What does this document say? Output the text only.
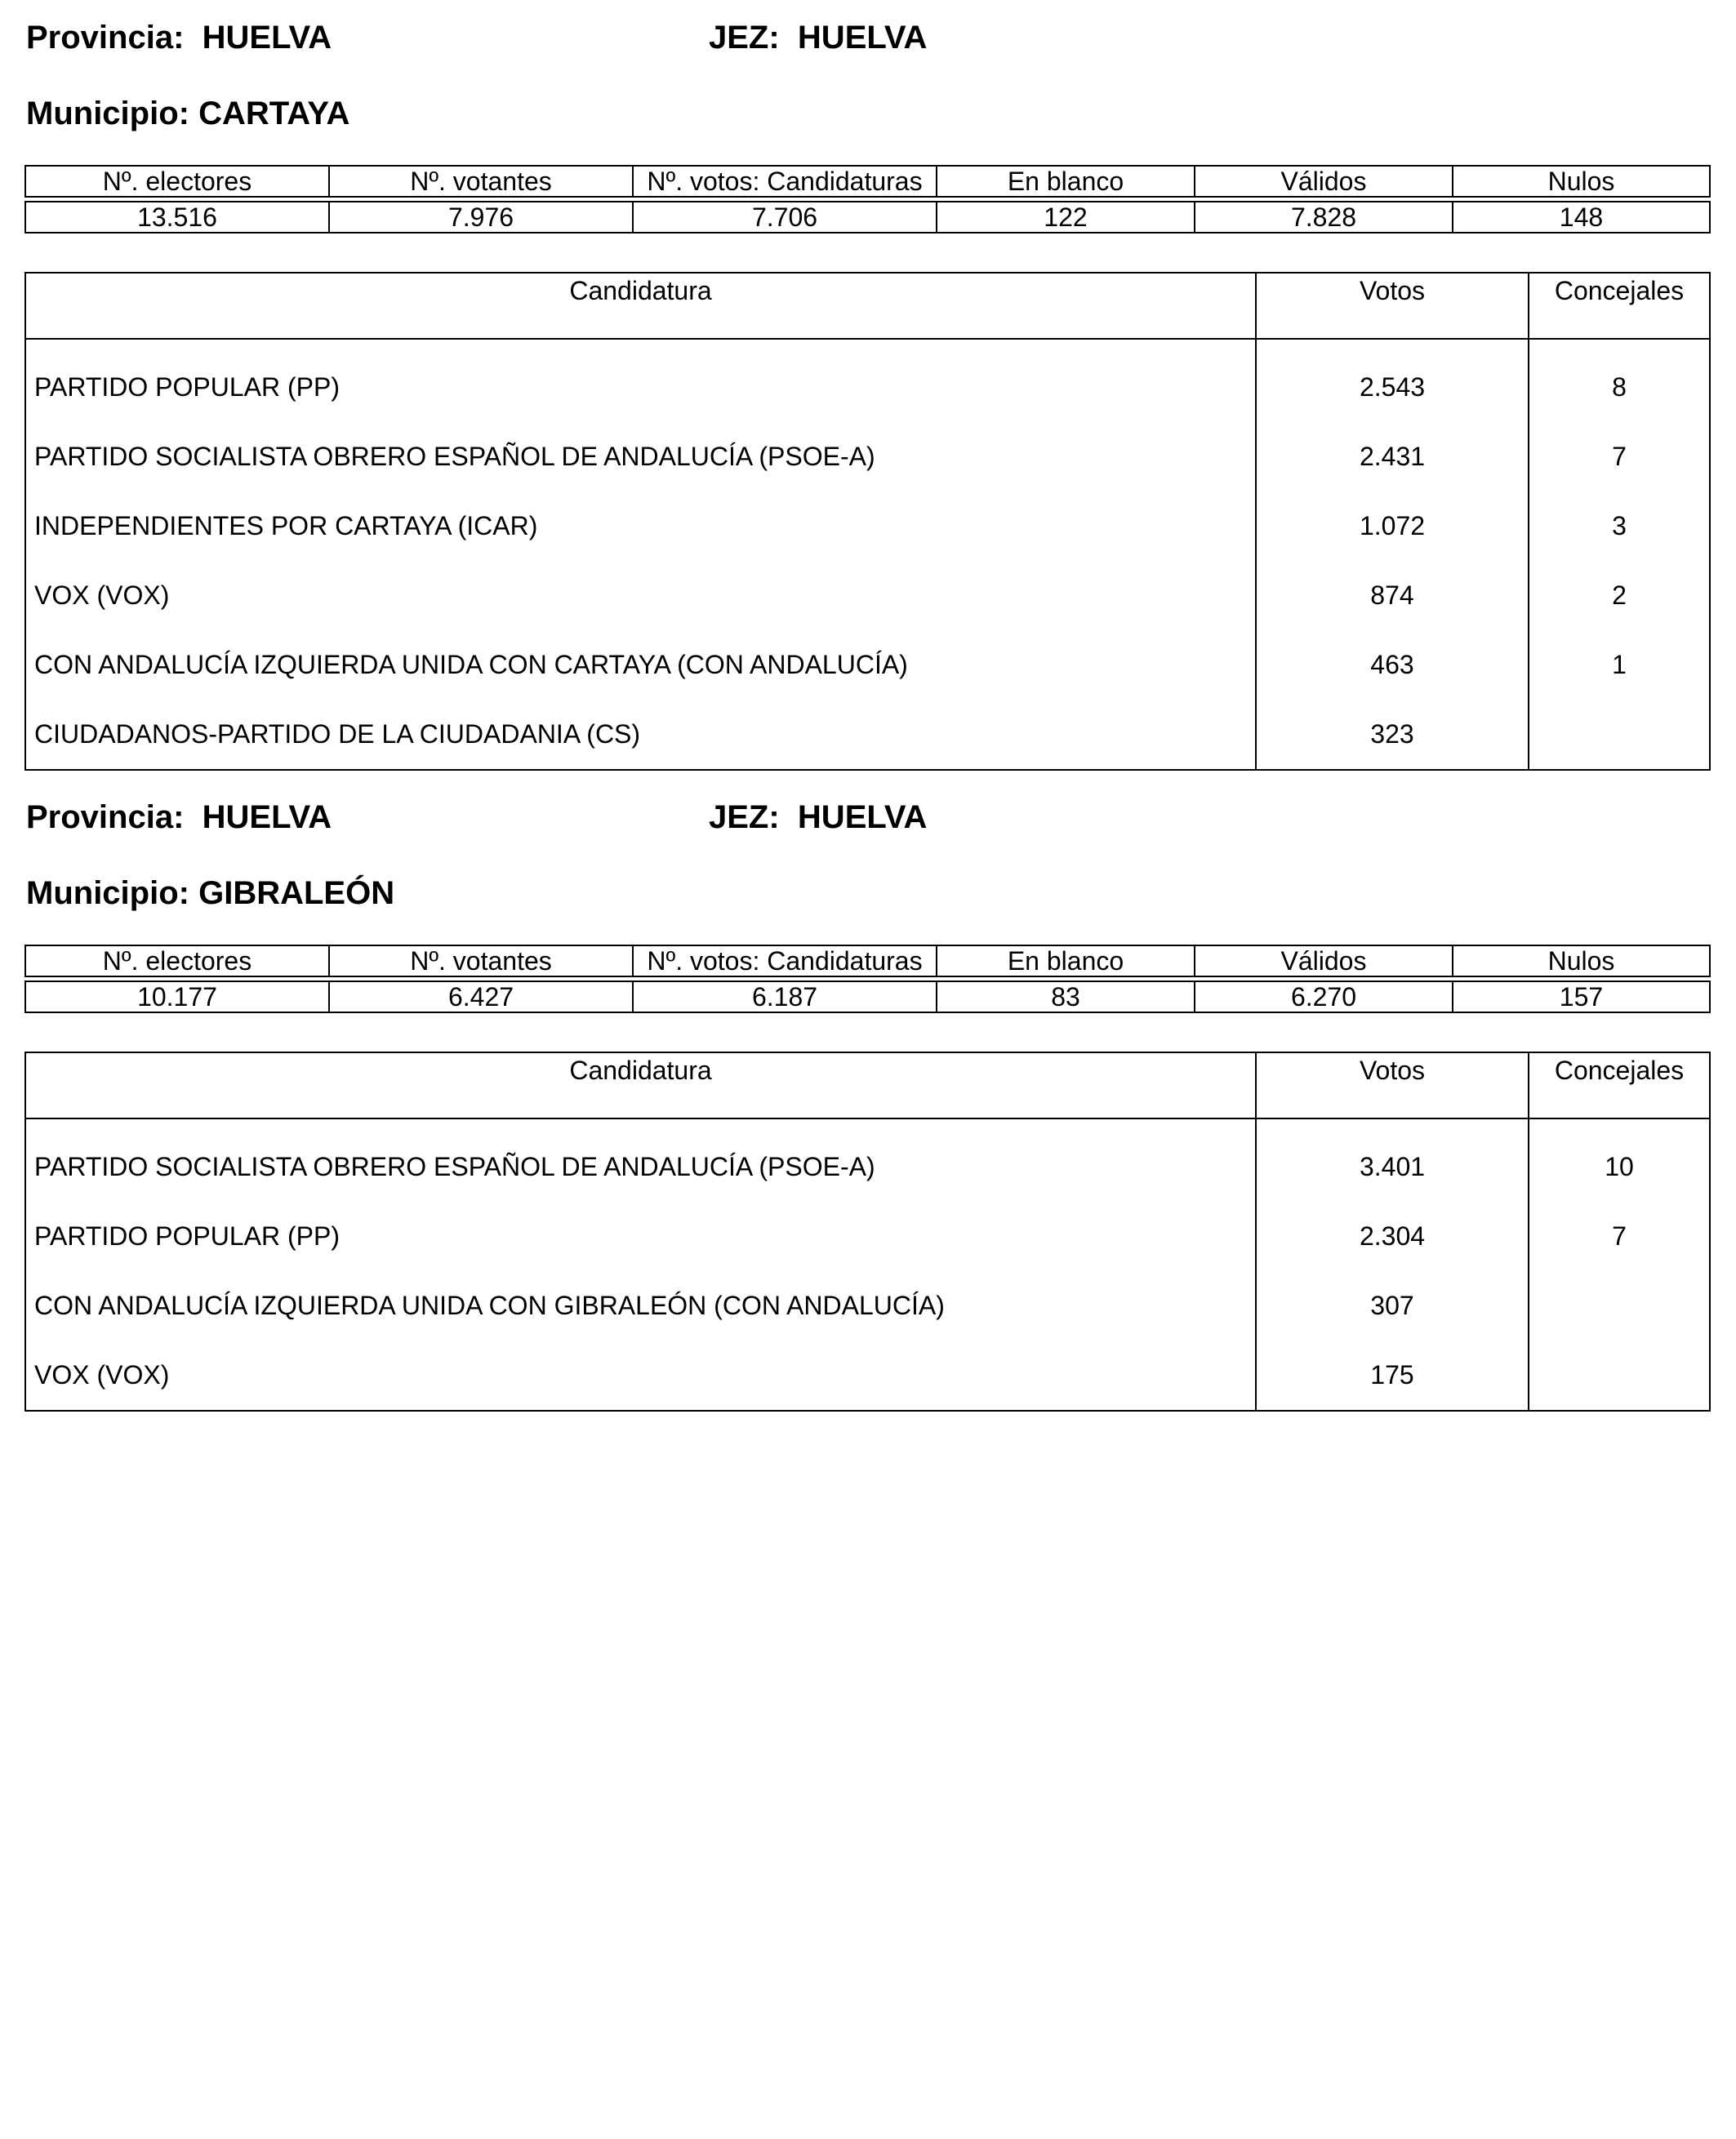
Provincia: HUELVA	JEZ: HUELVA
Municipio: CARTAYA
Nº. electores	Nº. votantes	Nº. votos: Candidaturas	En blanco	Válidos	Nulos

13.516	7.976	7.706	122	7.828	148
Candidatura	Votos	Concejales
PARTIDO POPULAR (PP)	2.543	8
PARTIDO SOCIALISTA OBRERO ESPAÑOL DE ANDALUCÍA (PSOE-A)	2.431	7
INDEPENDIENTES POR CARTAYA (ICAR)	1.072	3
VOX (VOX)	874	2
CON ANDALUCÍA IZQUIERDA UNIDA CON CARTAYA (CON ANDALUCÍA)	463	1
CIUDADANOS-PARTIDO DE LA CIUDADANIA (CS)	323	
Provincia: HUELVA	JEZ: HUELVA
Municipio: GIBRALEÓN
Nº. electores	Nº. votantes	Nº. votos: Candidaturas	En blanco	Válidos	Nulos

10.177	6.427	6.187	83	6.270	157
Candidatura	Votos	Concejales
PARTIDO SOCIALISTA OBRERO ESPAÑOL DE ANDALUCÍA (PSOE-A)	3.401	10
PARTIDO POPULAR (PP)	2.304	7
CON ANDALUCÍA IZQUIERDA UNIDA CON GIBRALEÓN (CON ANDALUCÍA)	307	
VOX (VOX)	175	
